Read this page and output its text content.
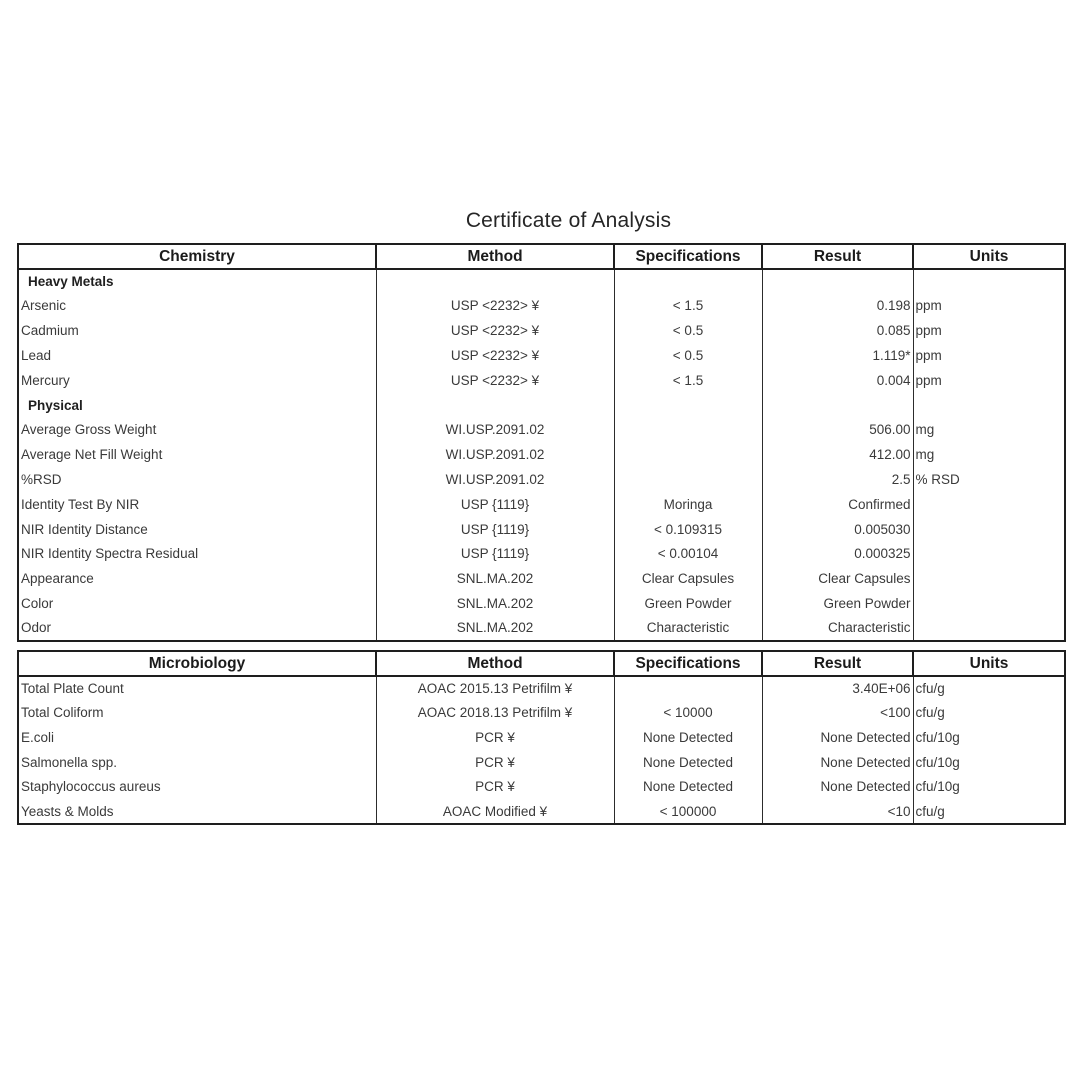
Certificate of Analysis
Chemistry	Method	Specifications	Result	Units
Heavy Metals				
Arsenic	USP <2232> ¥	< 1.5	0.198	ppm
Cadmium	USP <2232> ¥	< 0.5	0.085	ppm
Lead	USP <2232> ¥	< 0.5	1.119*	ppm
Mercury	USP <2232> ¥	< 1.5	0.004	ppm
Physical				
Average Gross Weight	WI.USP.2091.02		506.00	mg
Average Net Fill Weight	WI.USP.2091.02		412.00	mg
%RSD	WI.USP.2091.02		2.5	% RSD
Identity Test By NIR	USP {1119}	Moringa	Confirmed	
NIR Identity Distance	USP {1119}	< 0.109315	0.005030	
NIR Identity Spectra Residual	USP {1119}	< 0.00104	0.000325	
Appearance	SNL.MA.202	Clear Capsules	Clear Capsules	
Color	SNL.MA.202	Green Powder	Green Powder	
Odor	SNL.MA.202	Characteristic	Characteristic	
Microbiology	Method	Specifications	Result	Units
Total Plate Count	AOAC 2015.13 Petrifilm ¥		3.40E+06	cfu/g
Total Coliform	AOAC 2018.13 Petrifilm ¥	< 10000	<100	cfu/g
E.coli	PCR ¥	None Detected	None Detected	cfu/10g
Salmonella spp.	PCR ¥	None Detected	None Detected	cfu/10g
Staphylococcus aureus	PCR ¥	None Detected	None Detected	cfu/10g
Yeasts & Molds	AOAC Modified ¥	< 100000	<10	cfu/g
